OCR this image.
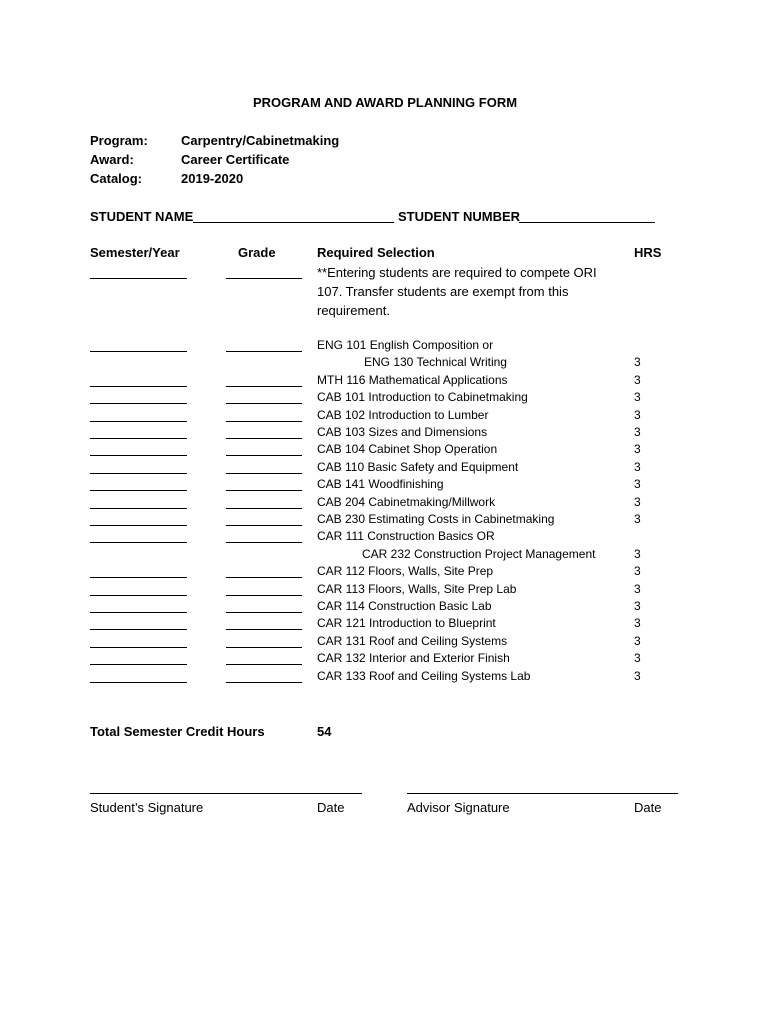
PROGRAM AND AWARD PLANNING FORM
Program:	Carpentry/Cabinetmaking
Award:	Career Certificate
Catalog:	2019-2020
STUDENT NAME	STUDENT NUMBER
Semester/Year	Grade	Required Selection	HRS
**Entering students are required to compete ORI 107. Transfer students are exempt from this requirement.
ENG 101 English Composition or
ENG 130 Technical Writing	3
MTH 116 Mathematical Applications	3
CAB 101 Introduction to Cabinetmaking	3
CAB 102 Introduction to Lumber	3
CAB 103 Sizes and Dimensions	3
CAB 104 Cabinet Shop Operation	3
CAB 110 Basic Safety and Equipment	3
CAB 141 Woodfinishing	3
CAB 204 Cabinetmaking/Millwork	3
CAB 230 Estimating Costs in Cabinetmaking	3
CAR 111 Construction Basics OR
CAR 232 Construction Project Management	3
CAR 112 Floors, Walls, Site Prep	3
CAR 113 Floors, Walls, Site Prep Lab	3
CAR 114 Construction Basic Lab	3
CAR 121 Introduction to Blueprint	3
CAR 131 Roof and Ceiling Systems	3
CAR 132 Interior and Exterior Finish	3
CAR 133 Roof and Ceiling Systems Lab	3
Total Semester Credit Hours	54
Student’s Signature	Date	Advisor Signature	Date
